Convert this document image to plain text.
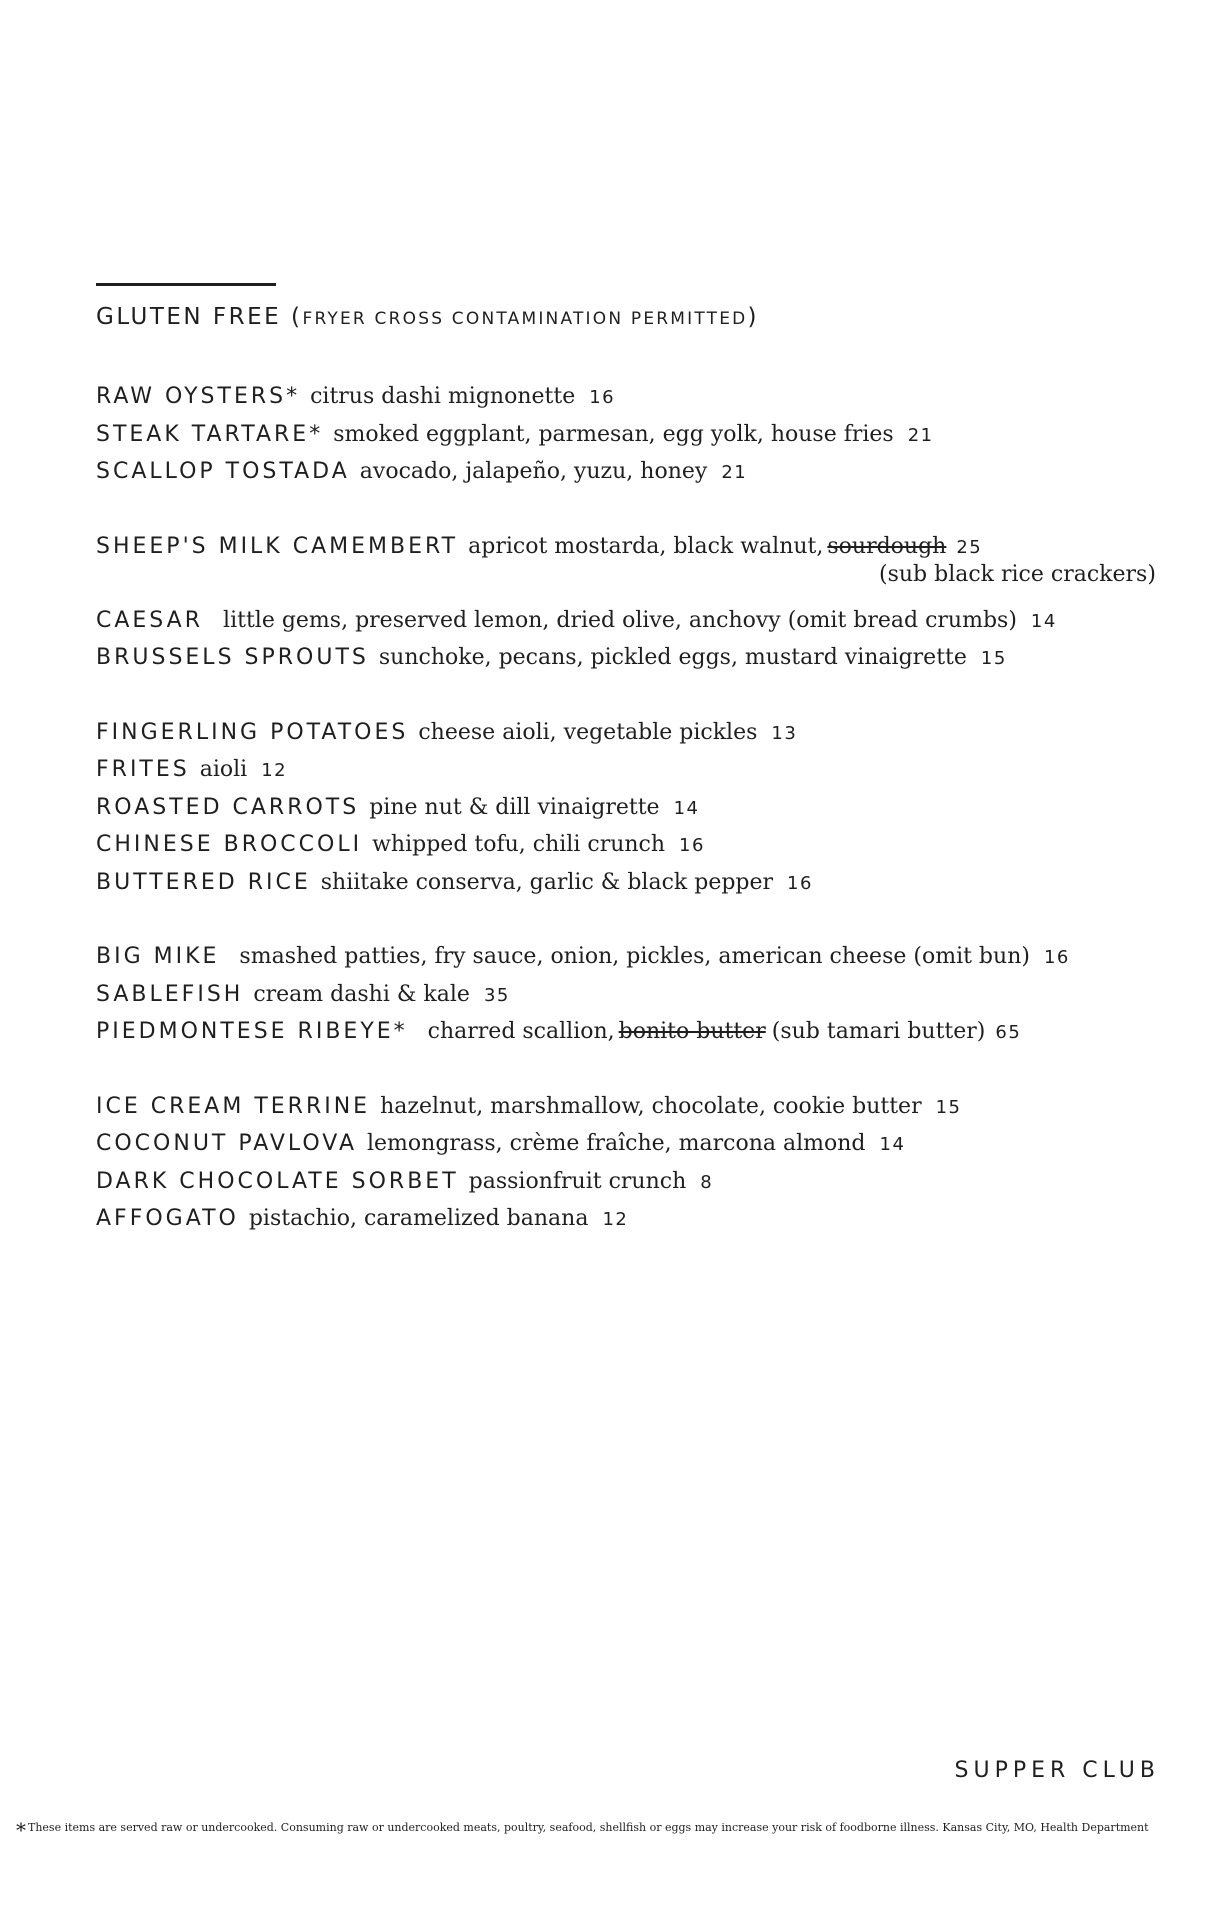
GLUTEN FREE (FRYER CROSS CONTAMINATION PERMITTED)
RAW OYSTERS* citrus dashi mignonette 16
STEAK TARTARE* smoked eggplant, parmesan, egg yolk, house fries 21
SCALLOP TOSTADA avocado, jalapeño, yuzu, honey 21
SHEEP'S MILK CAMEMBERT apricot mostarda, black walnut, sourdough 25
(sub black rice crackers)
CAESAR little gems, preserved lemon, dried olive, anchovy (omit bread crumbs) 14
BRUSSELS SPROUTS sunchoke, pecans, pickled eggs, mustard vinaigrette 15
FINGERLING POTATOES cheese aioli, vegetable pickles 13
FRITES aioli 12
ROASTED CARROTS pine nut & dill vinaigrette 14
CHINESE BROCCOLI whipped tofu, chili crunch 16
BUTTERED RICE shiitake conserva, garlic & black pepper 16
BIG MIKE smashed patties, fry sauce, onion, pickles, american cheese (omit bun) 16
SABLEFISH cream dashi & kale 35
PIEDMONTESE RIBEYE* charred scallion, bonito butter (sub tamari butter) 65
ICE CREAM TERRINE hazelnut, marshmallow, chocolate, cookie butter 15
COCONUT PAVLOVA lemongrass, crème fraîche, marcona almond 14
DARK CHOCOLATE SORBET passionfruit crunch 8
AFFOGATO pistachio, caramelized banana 12
SUPPER CLUB
* These items are served raw or undercooked. Consuming raw or undercooked meats, poultry, seafood, shellfish or eggs may increase your risk of foodborne illness. Kansas City, MO, Health Department
